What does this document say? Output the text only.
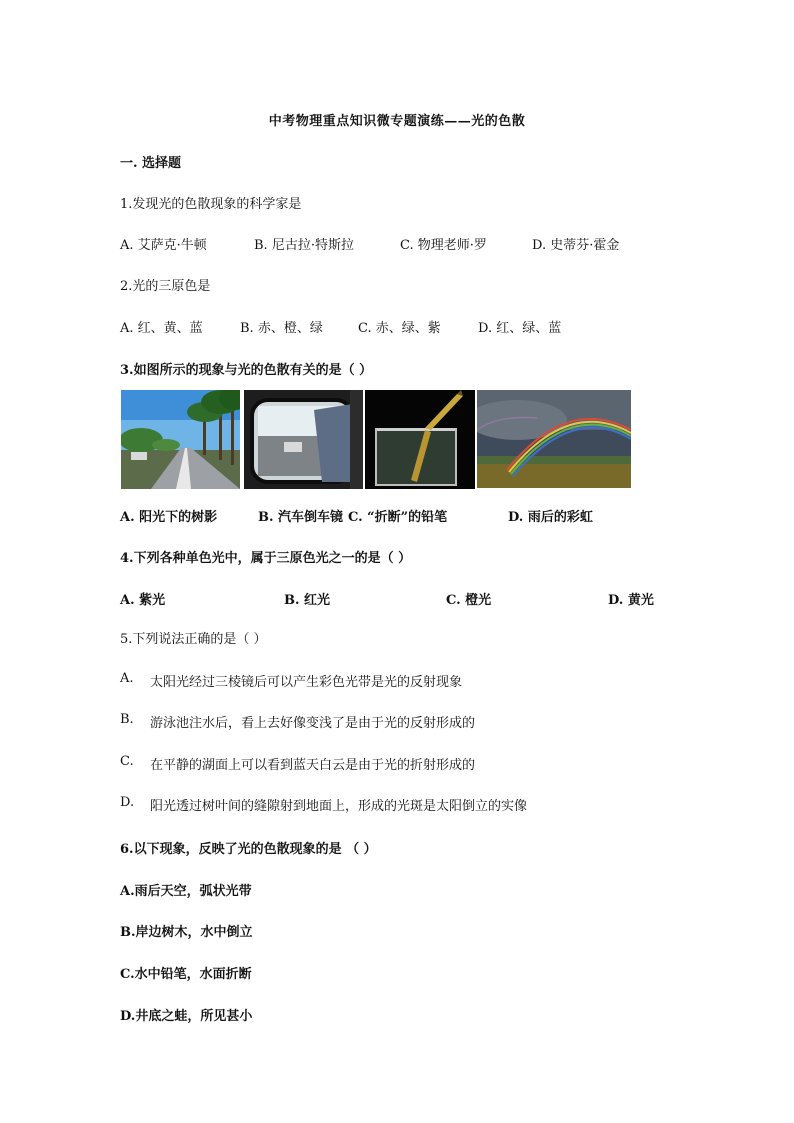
中考物理重点知识微专题演练——光的色散
一. 选择题
1.发现光的色散现象的科学家是
A. 艾萨克·牛顿	B. 尼古拉·特斯拉	C. 物理老师·罗	D. 史蒂芬·霍金
2.光的三原色是
A. 红、黄、蓝	B. 赤、橙、绿	C. 赤、绿、紫	D. 红、绿、蓝
3.如图所示的现象与光的色散有关的是（ ）
A. 阳光下的树影	B. 汽车倒车镜 C. “折断”的铅笔	D. 雨后的彩虹
4.下列各种单色光中，属于三原色光之一的是（ ）
A. 紫光	B. 红光	C. 橙光	D. 黄光
5.下列说法正确的是（ ）
A. 太阳光经过三棱镜后可以产生彩色光带是光的反射现象
B. 游泳池注水后，看上去好像变浅了是由于光的反射形成的
C. 在平静的湖面上可以看到蓝天白云是由于光的折射形成的
D. 阳光透过树叶间的缝隙射到地面上，形成的光斑是太阳倒立的实像
6.以下现象，反映了光的色散现象的是 （ ）
A.雨后天空，弧状光带
B.岸边树木，水中倒立
C.水中铅笔，水面折断
D.井底之蛙，所见甚小
